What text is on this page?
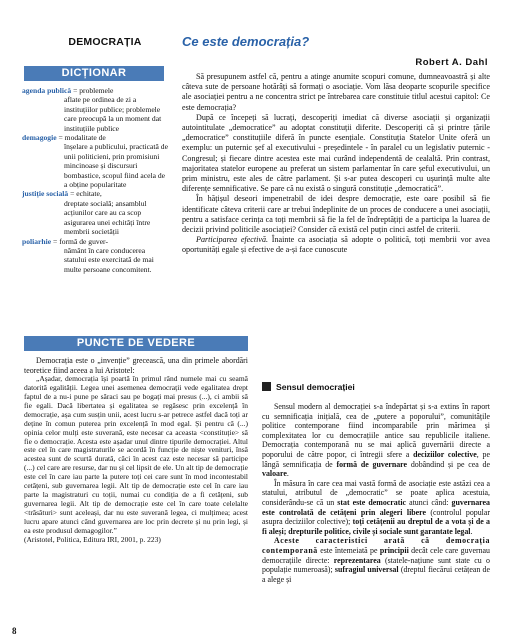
DEMOCRAȚIA
DICȚIONAR
agenda publică = problemele
aflate pe ordinea de zi a instituțiilor publice; problemele care preocupă la un moment dat instituțiile publice
demagogie = modalitate de
înșelare a publicului, practicată de unii politicieni, prin promisiuni mincinoase și discursuri bombastice, scopul fiind acela de a obține popularitate
justiție socială = echitate,
dreptate socială; ansamblul acțiunilor care au ca scop asigurarea unei echități între membrii societății
poliarhie = formă de guver-
nământ în care conducerea statului este exercitată de mai multe persoane concomitent.
Ce este democrația?
Robert A. Dahl

Să presupunem astfel că, pentru a atinge anumite scopuri comune, dumneavoastră și alte câteva sute de persoane hotărâți să formați o asociație. Vom lăsa deoparte scopurile specifice ale asociației pentru a ne concentra strict pe întrebarea care constituie titlul acestui capitol: Ce este democrația?

După ce începeți să lucrați, descoperiți imediat că diverse asociații și organizații autointitulate „democratice” au adoptat constituții diferite. Descoperiți că și printre țările „democratice” constituțiile diferă în puncte esențiale. Constituția Statelor Unite oferă un exemplu: un puternic șef al executivului - președintele - în paralel cu un legislativ puternic - Congresul; și fiecare dintre acestea este mai curând independentă de cealaltă. Prin contrast, majoritatea statelor europene au preferat un sistem parlamentar în care șeful executivului, un prim ministru, este ales de către parlament. Și s-ar putea descoperi cu ușurință multe alte diferențe semnificative. Se pare că nu există o singură constituție „democratică”.

În hățișul deseori impenetrabil de idei despre democrație, este oare posibil să fie identificate câteva criterii care ar trebui îndeplinite de un proces de conducere a unei asociații, pentru a satisface cerința ca toți membrii să fie la fel de îndreptățiți de a participa la luarea de decizii privind politicile asociației? Consider că există cel puțin cinci astfel de criterii.

Participarea efectivă. Înainte ca asociația să adopte o politică, toți membrii vor avea oportunități egale și efective de a-și face cunoscute

PUNCTE DE VEDERE

Democrația este o „invenție” grecească, una din primele abordări teoretice fiind aceea a lui Aristotel:

„Așadar, democrația își poartă în primul rând numele mai cu seamă datorită egalității. Legea unei asemenea democrații vede egalitatea drept faptul de a nu-i pune pe săraci sau pe bogați mai presus (...), ci ambii să fie egali. Dacă libertatea și egalitatea se regăsesc prin excelență în democrație, așa cum susțin unii, acest lucru s-ar petrece astfel dacă toți ar deține în comun puterea prin excelență în mod egal. Și pentru că (...) opinia celor mulți este suverană, este necesar ca aceasta <constituție> să fie o democrație. Acesta este așadar unul dintre tipurile democrației. Altul este cel în care magistraturile se acordă în funcție de niște venituri, însă acestea sunt de scurtă durată, căci în acest caz este necesar să participe (...) cel care are resurse, dar nu și cel lipsit de ele. Un alt tip de democrație este cel în care iau parte la putere toți cei care sunt în mod incontestabil cetățeni, sub guvernarea legii. Alt tip de democrație este cel în care iau parte la magistraturi cu toții, numai cu condiția de a fi cetățeni, sub guvernarea legii. Alt tip de democrație este cel în care toate celelalte <trăsături> sunt aceleași, dar nu este suverană legea, ci mulțimea; acest lucru apare atunci când guvernarea are loc prin decrete și nu prin legi, și ea este produsul demagogilor.”
(Aristotel, Politica, Editura IRI, 2001, p. 223)

Sensul democrației

Sensul modern al democrației s-a îndepărtat și s-a extins în raport cu semnificația inițială, cea de „putere a poporului”, comunitățile politice contemporane fiind incomparabile prin mărimea și complexitatea lor cu democrațiile antice sau republicile italiene. Democrația contemporană nu se mai aplică guvernării directe a poporului de către popor, ci întregii sfere a deciziilor colective, pe lângă semnificația de formă de guvernare dobândind și pe cea de valoare.

În măsura în care cea mai vastă formă de asociație este astăzi cea a statului, atributul de „democratic” se poate aplica acestuia, considerându-se că un stat este democratic atunci când: guvernarea este controlată de cetățeni prin alegeri libere (controlul popular asupra deciziilor colective); toți cetățenii au dreptul de a vota și de a fi aleși; drepturile politice, civile și sociale sunt garantate legal.

Aceste caracteristici arată că democrația contemporană este întemeiată pe principii decât cele care guvernau democrațiile directe: reprezentarea (statele-națiune sunt state cu o populație numeroasă); sufragiul universal (dreptul fiecărui cetățean de a alege și

8
